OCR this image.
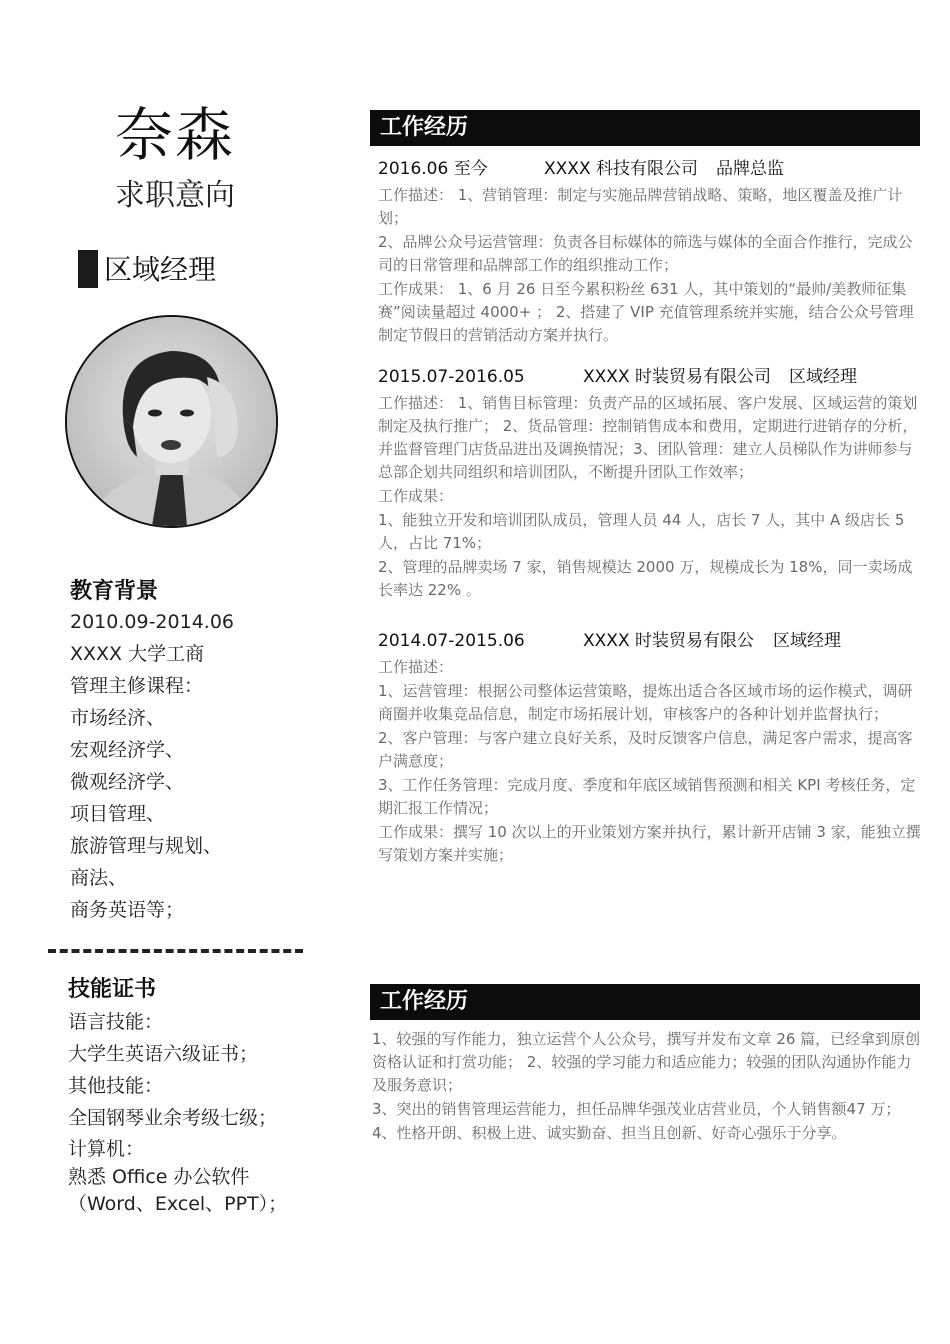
奈森
求职意向
区域经理
教育背景
2010.09-2014.06
XXXX 大学工商
管理主修课程：
市场经济、
宏观经济学、
微观经济学、
项目管理、
旅游管理与规划、
商法、
商务英语等；
技能证书
语言技能：
大学生英语六级证书；
其他技能：
全国钢琴业余考级七级；
计算机：
熟悉 Office 办公软件
（Word、Excel、PPT）；
工作经历
2016.06 至今	XXXX 科技有限公司 品牌总监

工作描述： 1、营销管理：制定与实施品牌营销战略、策略，地区覆盖及推广计划；

2、品牌公众号运营管理：负责各目标媒体的筛选与媒体的全面合作推行，完成公司的日常管理和品牌部工作的组织推动工作；

工作成果： 1、6 月 26 日至今累积粉丝 631 人，其中策划的“最帅/美教师征集赛”阅读量超过 4000+ ； 2、搭建了 VIP 充值管理系统并实施，结合公众号管理制定节假日的营销活动方案并执行。

2015.07-2016.05	XXXX 时装贸易有限公司 区域经理

工作描述： 1、销售目标管理：负责产品的区域拓展、客户发展、区域运营的策划制定及执行推广； 2、货品管理：控制销售成本和费用，定期进行进销存的分析，并监督管理门店货品进出及调换情况；3、团队管理：建立人员梯队作为讲师参与总部企划共同组织和培训团队，不断提升团队工作效率；

工作成果：

1、能独立开发和培训团队成员，管理人员 44 人，店长 7 人，其中 A 级店长 5 人，占比 71%；

2、管理的品牌卖场 7 家，销售规模达 2000 万，规模成长为 18%，同一卖场成长率达 22% 。

2014.07-2015.06	XXXX 时装贸易有限公 区域经理

工作描述：

1、运营管理：根据公司整体运营策略，提炼出适合各区域市场的运作模式，调研商圈并收集竞品信息，制定市场拓展计划，审核客户的各种计划并监督执行；

2、客户管理：与客户建立良好关系，及时反馈客户信息，满足客户需求，提高客户满意度；

3、工作任务管理：完成月度、季度和年底区域销售预测和相关 KPI 考核任务，定期汇报工作情况；

工作成果：撰写 10 次以上的开业策划方案并执行，累计新开店铺 3 家，能独立撰写策划方案并实施；

工作经历

1、较强的写作能力，独立运营个人公众号，撰写并发布文章 26 篇，已经拿到原创资格认证和打赏功能； 2、较强的学习能力和适应能力；较强的团队沟通协作能力及服务意识；

3、突出的销售管理运营能力，担任品牌华强茂业店营业员，个人销售额47 万；

4、性格开朗、积极上进、诚实勤奋、担当且创新、好奇心强乐于分享。
